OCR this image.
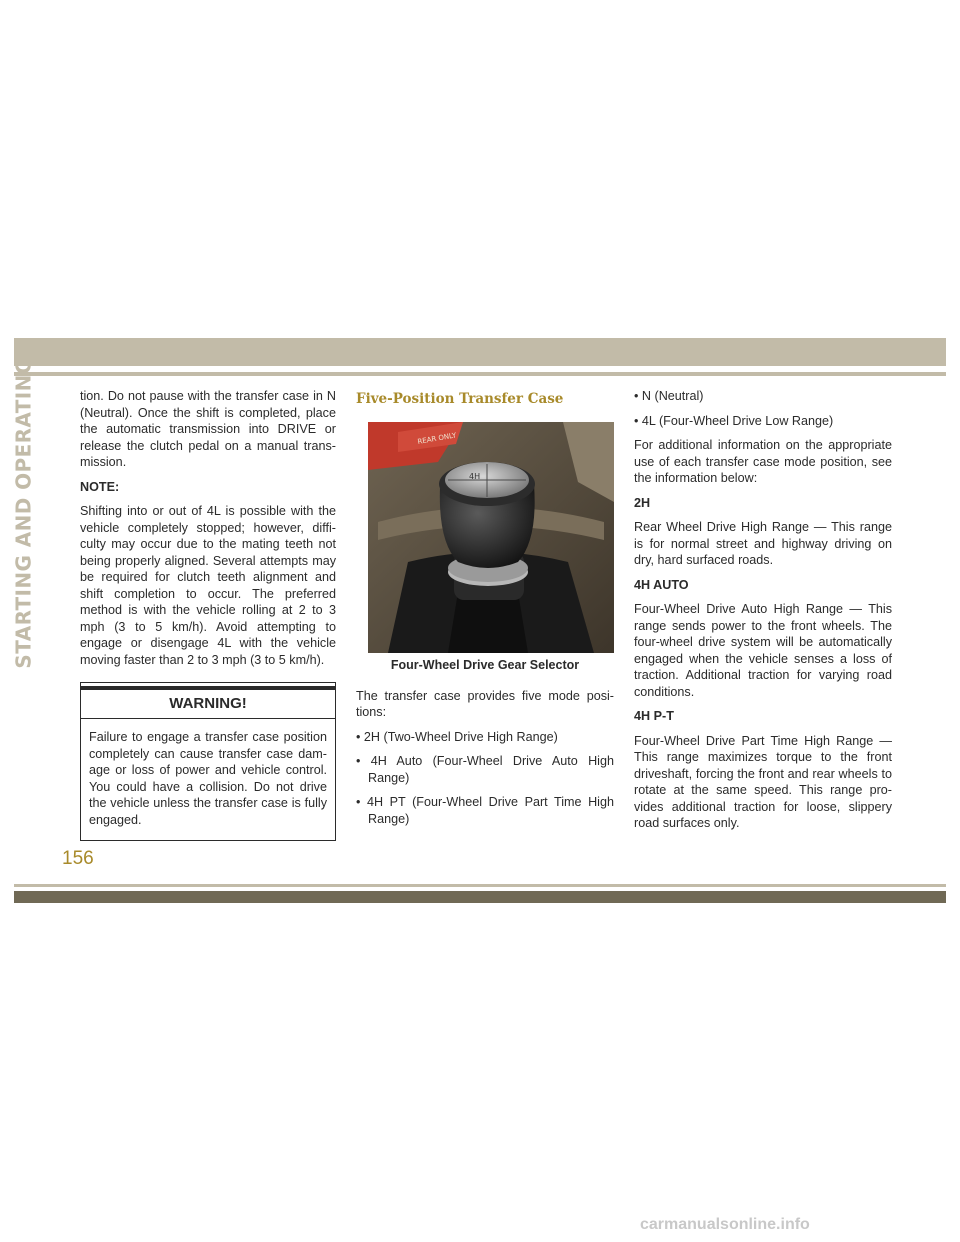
STARTING AND OPERATING	tion. Do not pause with the transfer case in N (Neutral). Once the shift is completed, place the automatic transmission into DRIVE or release the clutch pedal on a manual trans-mission.

NOTE:

Shifting into or out of 4L is possible with the vehicle completely stopped; however, diffi-culty may occur due to the mating teeth not being properly aligned. Several attempts may be required for clutch teeth alignment and shift completion to occur. The preferred method is with the vehicle rolling at 2 to 3 mph (3 to 5 km/h). Avoid attempting to engage or disengage 4L with the vehicle moving faster than 2 to 3 mph (3 to 5 km/h).

WARNING!
Failure to engage a transfer case position completely can cause transfer case dam-age or loss of power and vehicle control. You could have a collision. Do not drive the vehicle unless the transfer case is fully engaged.
Five-Position Transfer Case
REAR ONLY
4H
Four-Wheel Drive Gear Selector

The transfer case provides five mode posi-tions:

• 2H (Two-Wheel Drive High Range)

• 4H Auto (Four-Wheel Drive Auto High Range)

• 4H PT (Four-Wheel Drive Part Time High Range)

• N (Neutral)

• 4L (Four-Wheel Drive Low Range)

For additional information on the appropriate use of each transfer case mode position, see the information below:

2H

Rear Wheel Drive High Range — This range is for normal street and highway driving on dry, hard surfaced roads.

4H AUTO

Four-Wheel Drive Auto High Range — This range sends power to the front wheels. The four-wheel drive system will be automatically engaged when the vehicle senses a loss of traction. Additional traction for varying road conditions.

4H P-T

Four-Wheel Drive Part Time High Range — This range maximizes torque to the front driveshaft, forcing the front and rear wheels to rotate at the same speed. This range pro-vides additional traction for loose, slippery road surfaces only.

156
carmanualsonline.info
